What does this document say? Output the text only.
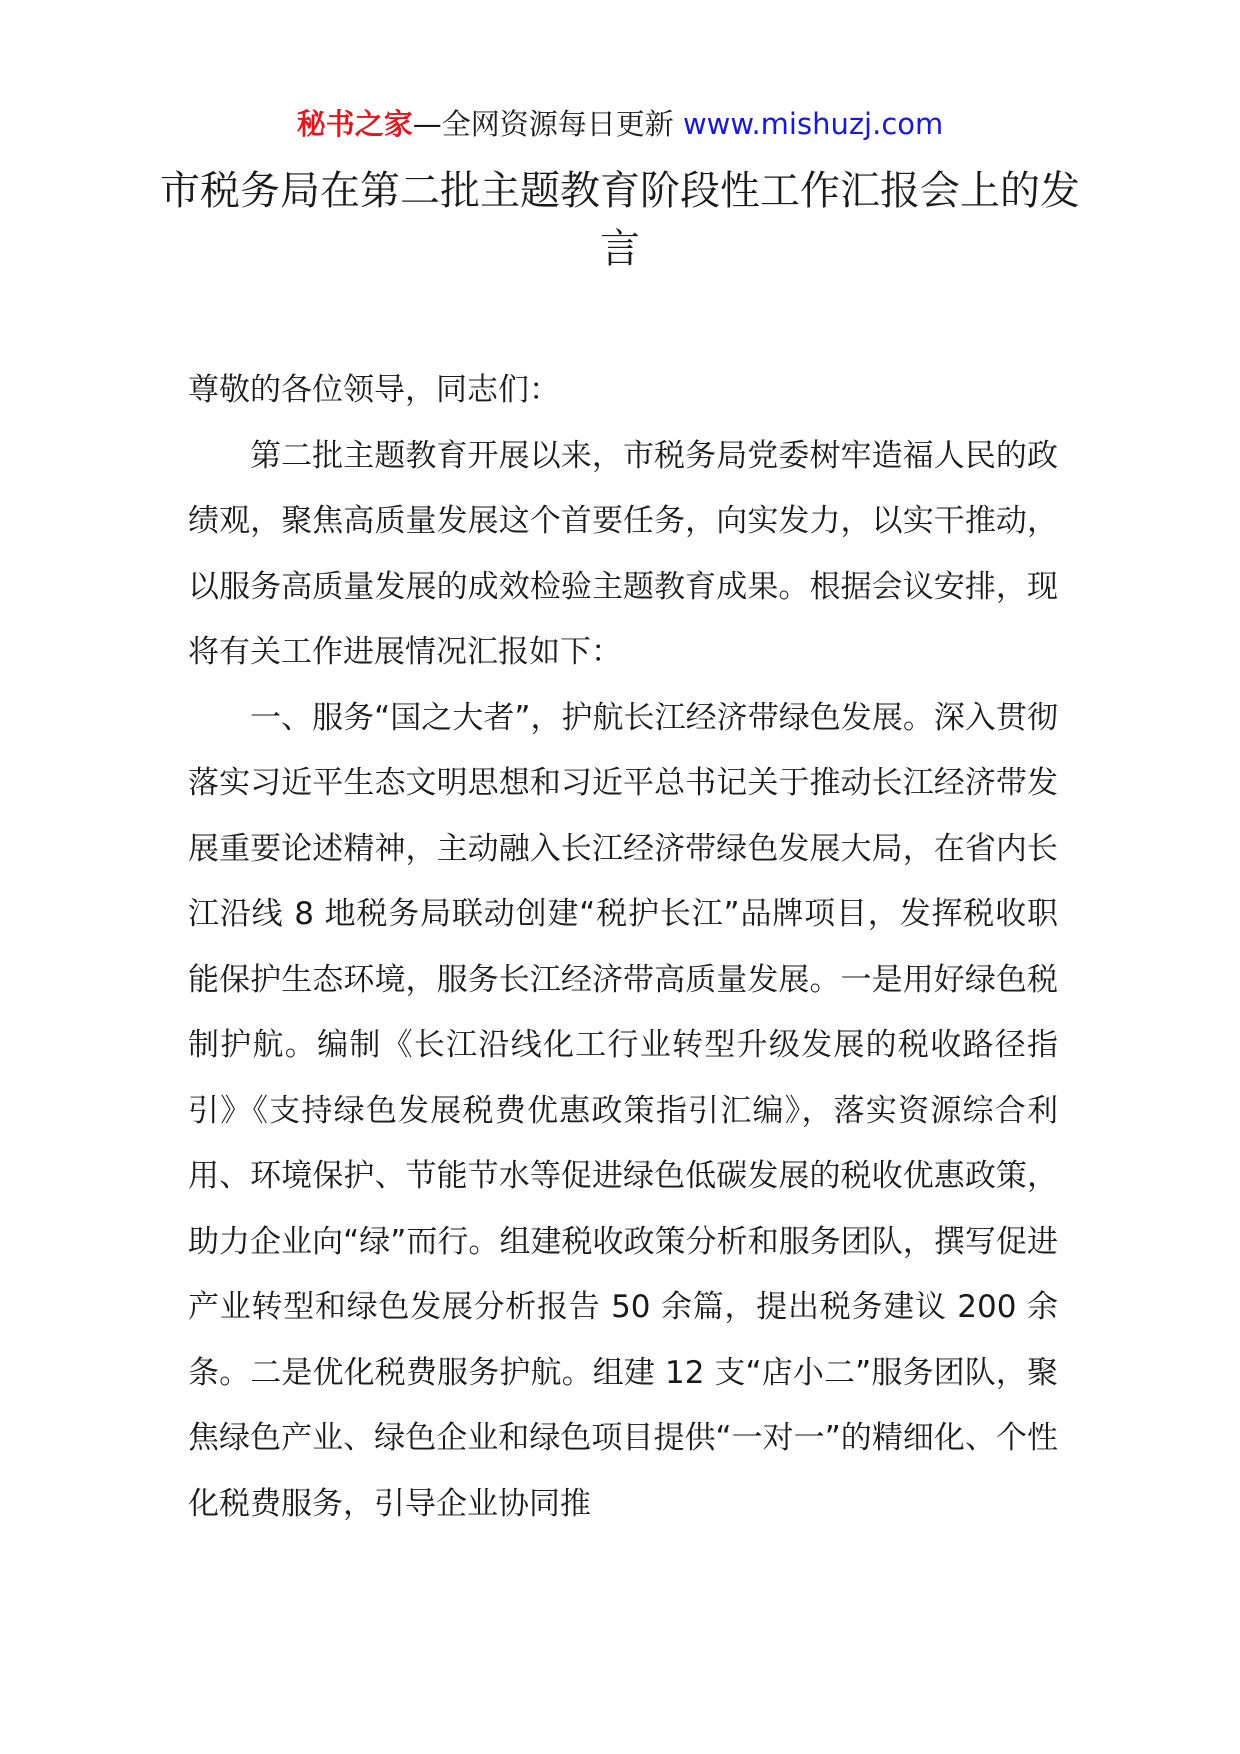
秘书之家—全网资源每日更新 www.mishuzj.com
市税务局在第二批主题教育阶段性工作汇报会上的发言

尊敬的各位领导，同志们：

第二批主题教育开展以来，市税务局党委树牢造福人民的政绩观，聚焦高质量发展这个首要任务，向实发力，以实干推动，以服务高质量发展的成效检验主题教育成果。根据会议安排，现将有关工作进展情况汇报如下：

一、服务“国之大者”，护航长江经济带绿色发展。深入贯彻落实习近平生态文明思想和习近平总书记关于推动长江经济带发展重要论述精神，主动融入长江经济带绿色发展大局，在省内长江沿线 8 地税务局联动创建“税护长江”品牌项目，发挥税收职能保护生态环境，服务长江经济带高质量发展。一是用好绿色税制护航。编制《长江沿线化工行业转型升级发展的税收路径指引》《支持绿色发展税费优惠政策指引汇编》，落实资源综合利用、环境保护、节能节水等促进绿色低碳发展的税收优惠政策，助力企业向“绿”而行。组建税收政策分析和服务团队，撰写促进产业转型和绿色发展分析报告 50 余篇，提出税务建议 200 余条。二是优化税费服务护航。组建 12 支“店小二”服务团队，聚焦绿色产业、绿色企业和绿色项目提供“一对一”的精细化、个性化税费服务，引导企业协同推
